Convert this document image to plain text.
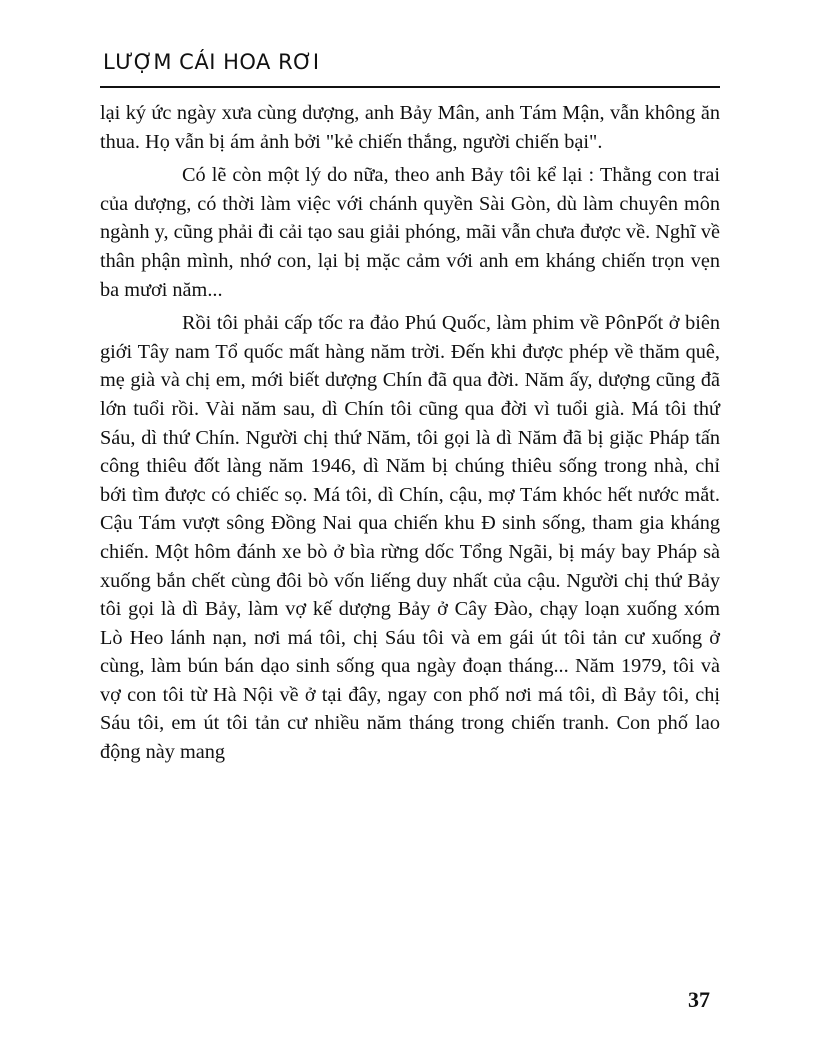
LƯỢM CÁI HOA RƠI

lại ký ức ngày xưa cùng dượng, anh Bảy Mân, anh Tám Mận, vẫn không ăn thua. Họ vẫn bị ám ảnh bởi "kẻ chiến thắng, người chiến bại".

Có lẽ còn một lý do nữa, theo anh Bảy tôi kể lại : Thằng con trai của dượng, có thời làm việc với chánh quyền Sài Gòn, dù làm chuyên môn ngành y, cũng phải đi cải tạo sau giải phóng, mãi vẫn chưa được về. Nghĩ về thân phận mình, nhớ con, lại bị mặc cảm với anh em kháng chiến trọn vẹn ba mươi năm...

Rồi tôi phải cấp tốc ra đảo Phú Quốc, làm phim về PônPốt ở biên giới Tây nam Tổ quốc mất hàng năm trời. Đến khi được phép về thăm quê, mẹ già và chị em, mới biết dượng Chín đã qua đời. Năm ấy, dượng cũng đã lớn tuổi rồi. Vài năm sau, dì Chín tôi cũng qua đời vì tuổi già. Má tôi thứ Sáu, dì thứ Chín. Người chị thứ Năm, tôi gọi là dì Năm đã bị giặc Pháp tấn công thiêu đốt làng năm 1946, dì Năm bị chúng thiêu sống trong nhà, chỉ bới tìm được có chiếc sọ. Má tôi, dì Chín, cậu, mợ Tám khóc hết nước mắt. Cậu Tám vượt sông Đồng Nai qua chiến khu Đ sinh sống, tham gia kháng chiến. Một hôm đánh xe bò ở bìa rừng dốc Tổng Ngãi, bị máy bay Pháp sà xuống bắn chết cùng đôi bò vốn liếng duy nhất của cậu. Người chị thứ Bảy tôi gọi là dì Bảy, làm vợ kế dượng Bảy ở Cây Đào, chạy loạn xuống xóm Lò Heo lánh nạn, nơi má tôi, chị Sáu tôi và em gái út tôi tản cư xuống ở cùng, làm bún bán dạo sinh sống qua ngày đoạn tháng... Năm 1979, tôi và vợ con tôi từ Hà Nội về ở tại đây, ngay con phố nơi má tôi, dì Bảy tôi, chị Sáu tôi, em út tôi tản cư nhiều năm tháng trong chiến tranh. Con phố lao động này mang

37
